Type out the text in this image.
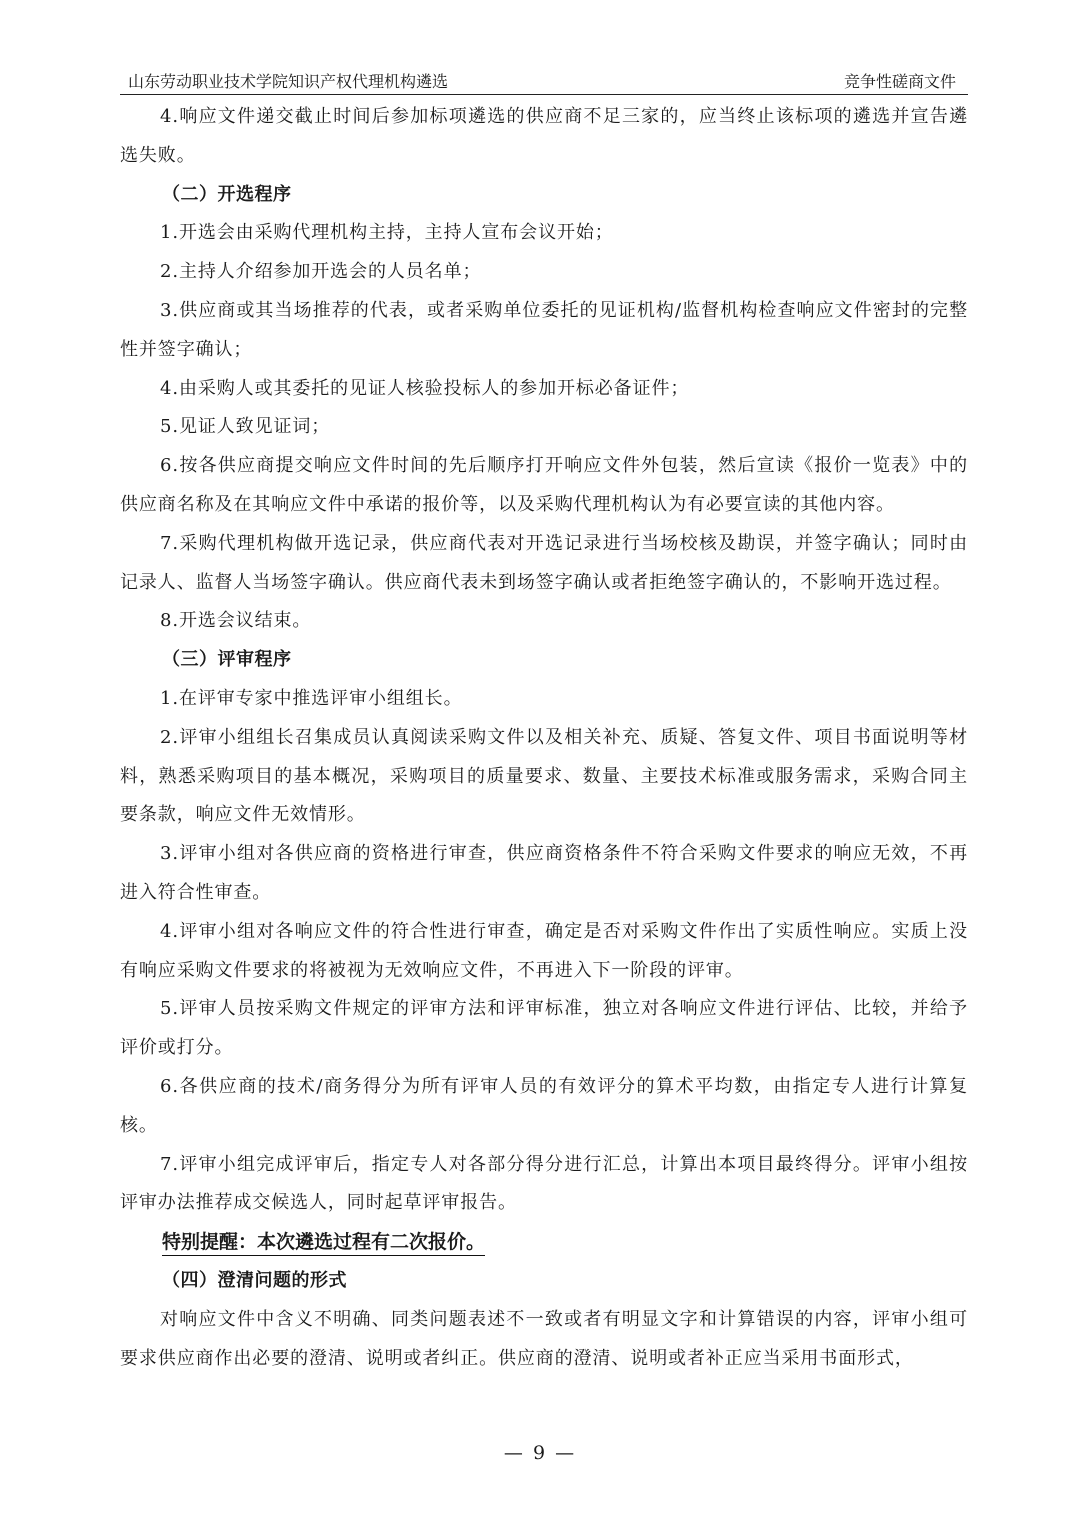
山东劳动职业技术学院知识产权代理机构遴选	竞争性磋商文件

4.响应文件递交截止时间后参加标项遴选的供应商不足三家的，应当终止该标项的遴选并宣告遴选失败。

（二）开选程序

1.开选会由采购代理机构主持，主持人宣布会议开始；

2.主持人介绍参加开选会的人员名单；

3.供应商或其当场推荐的代表，或者采购单位委托的见证机构/监督机构检查响应文件密封的完整性并签字确认；

4.由采购人或其委托的见证人核验投标人的参加开标必备证件；

5.见证人致见证词；

6.按各供应商提交响应文件时间的先后顺序打开响应文件外包装，然后宣读《报价一览表》中的供应商名称及在其响应文件中承诺的报价等，以及采购代理机构认为有必要宣读的其他内容。

7.采购代理机构做开选记录，供应商代表对开选记录进行当场校核及勘误，并签字确认；同时由记录人、监督人当场签字确认。供应商代表未到场签字确认或者拒绝签字确认的，不影响开选过程。

8.开选会议结束。

（三）评审程序

1.在评审专家中推选评审小组组长。

2.评审小组组长召集成员认真阅读采购文件以及相关补充、质疑、答复文件、项目书面说明等材料，熟悉采购项目的基本概况，采购项目的质量要求、数量、主要技术标准或服务需求，采购合同主要条款，响应文件无效情形。

3.评审小组对各供应商的资格进行审查，供应商资格条件不符合采购文件要求的响应无效，不再进入符合性审查。

4.评审小组对各响应文件的符合性进行审查，确定是否对采购文件作出了实质性响应。实质上没有响应采购文件要求的将被视为无效响应文件，不再进入下一阶段的评审。

5.评审人员按采购文件规定的评审方法和评审标准，独立对各响应文件进行评估、比较，并给予评价或打分。

6.各供应商的技术/商务得分为所有评审人员的有效评分的算术平均数，由指定专人进行计算复核。

7.评审小组完成评审后，指定专人对各部分得分进行汇总，计算出本项目最终得分。评审小组按评审办法推荐成交候选人，同时起草评审报告。

特别提醒：本次遴选过程有二次报价。

（四）澄清问题的形式

对响应文件中含义不明确、同类问题表述不一致或者有明显文字和计算错误的内容，评审小组可要求供应商作出必要的澄清、说明或者纠正。供应商的澄清、说明或者补正应当采用书面形式，

— 9 —
